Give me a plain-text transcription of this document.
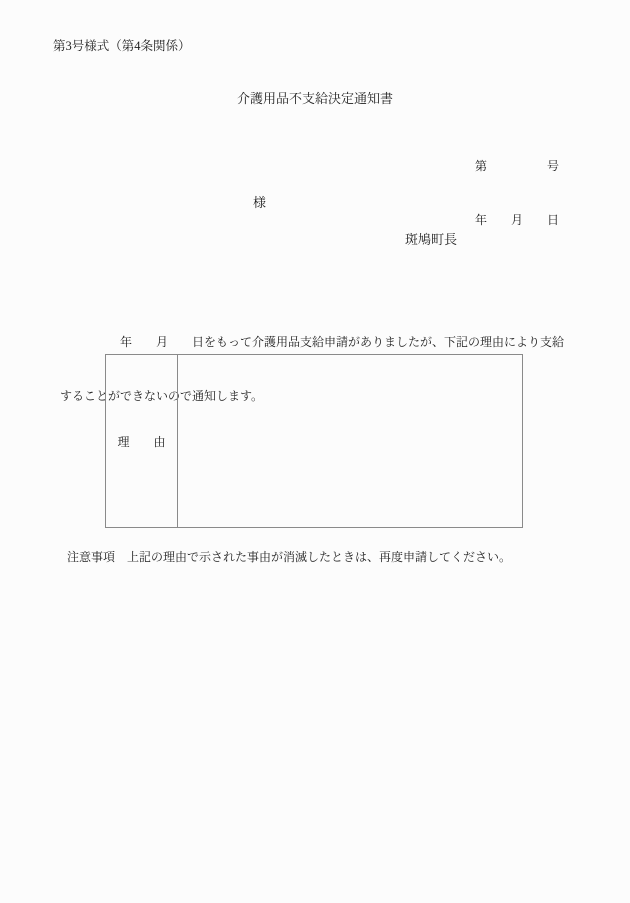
第3号様式（第4条関係）
介護用品不支給決定通知書

第　　　　　号

年　　月　　日

様
斑鳩町長

　　　　　年　　月　　日をもって介護用品支給申請がありましたが、下記の理由により支給

することができないので通知します。

理　　由
注意事項　上記の理由で示された事由が消滅したときは、再度申請してください。
